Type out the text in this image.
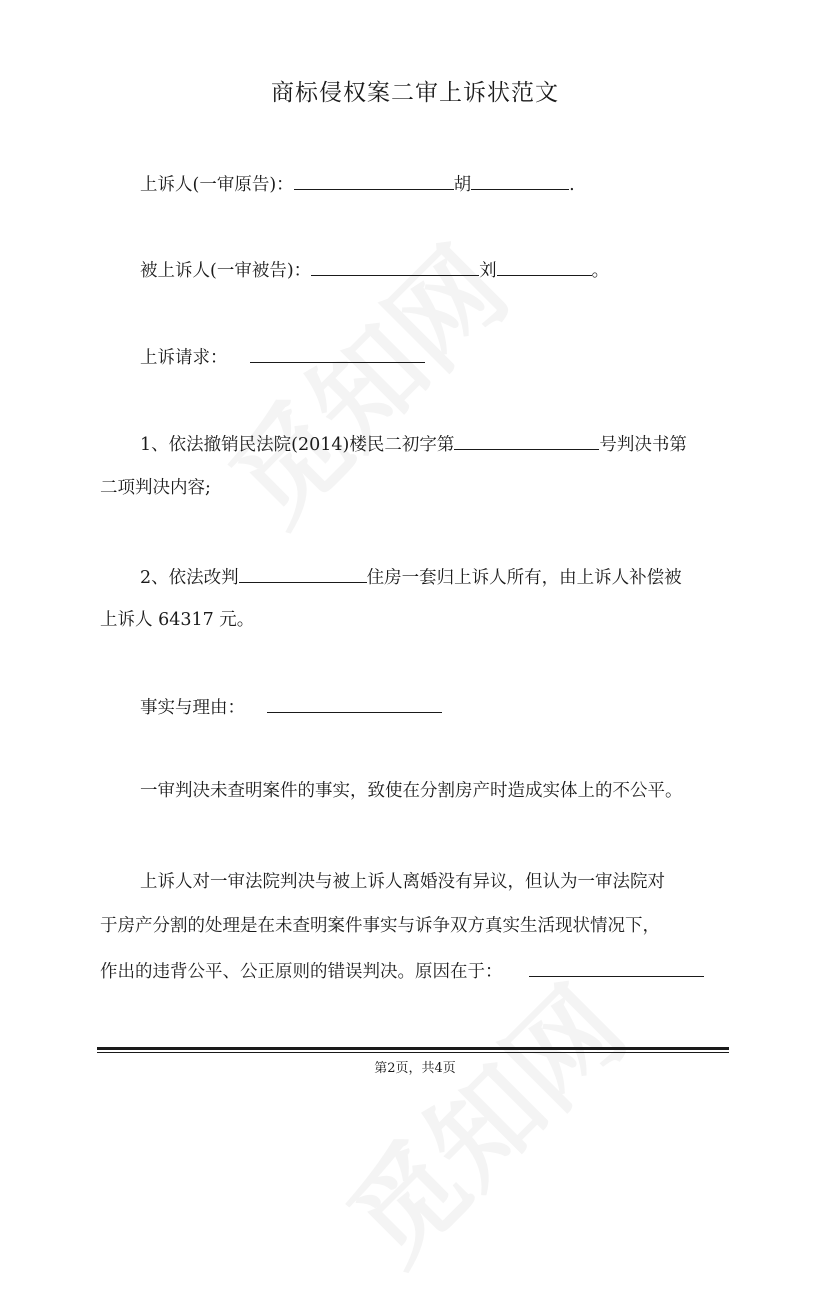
商标侵权案二审上诉状范文
上诉人(一审原告)：	胡	.
被上诉人(一审被告)：	刘	。
上诉请求：
1、依法撤销民法院(2014)楼民二初字第	号判决书第
二项判决内容;
2、依法改判	住房一套归上诉人所有，由上诉人补偿被
上诉人 64317 元。
事实与理由：
一审判决未查明案件的事实，致使在分割房产时造成实体上的不公平。
上诉人对一审法院判决与被上诉人离婚没有异议，但认为一审法院对
于房产分割的处理是在未查明案件事实与诉争双方真实生活现状情况下，
作出的违背公平、公正原则的错误判决。原因在于：
第2页，共4页
